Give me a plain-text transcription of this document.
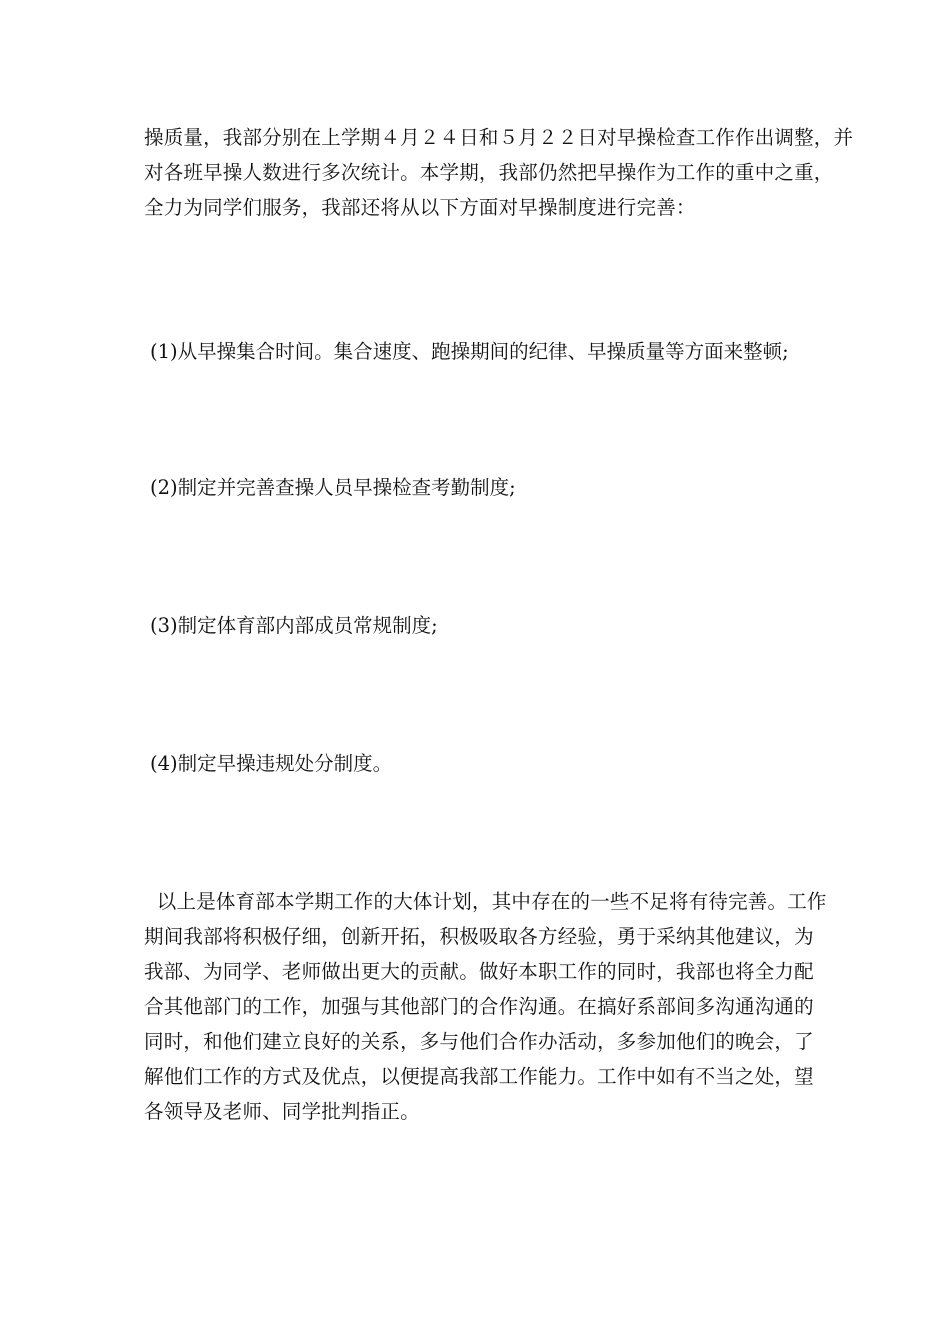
操质量，我部分别在上学期４月２４日和５月２２日对早操检查工作作出调整，并
对各班早操人数进行多次统计。本学期，我部仍然把早操作为工作的重中之重，
全力为同学们服务，我部还将从以下方面对早操制度进行完善：

(1)从早操集合时间。集合速度、跑操期间的纪律、早操质量等方面来整顿;

(2)制定并完善查操人员早操检查考勤制度;

(3)制定体育部内部成员常规制度;

(4)制定早操违规处分制度。

以上是体育部本学期工作的大体计划，其中存在的一些不足将有待完善。工作
期间我部将积极仔细，创新开拓，积极吸取各方经验，勇于采纳其他建议，为
我部、为同学、老师做出更大的贡献。做好本职工作的同时，我部也将全力配
合其他部门的工作，加强与其他部门的合作沟通。在搞好系部间多沟通沟通的
同时，和他们建立良好的关系，多与他们合作办活动，多参加他们的晚会，了
解他们工作的方式及优点，以便提高我部工作能力。工作中如有不当之处，望
各领导及老师、同学批判指正。
